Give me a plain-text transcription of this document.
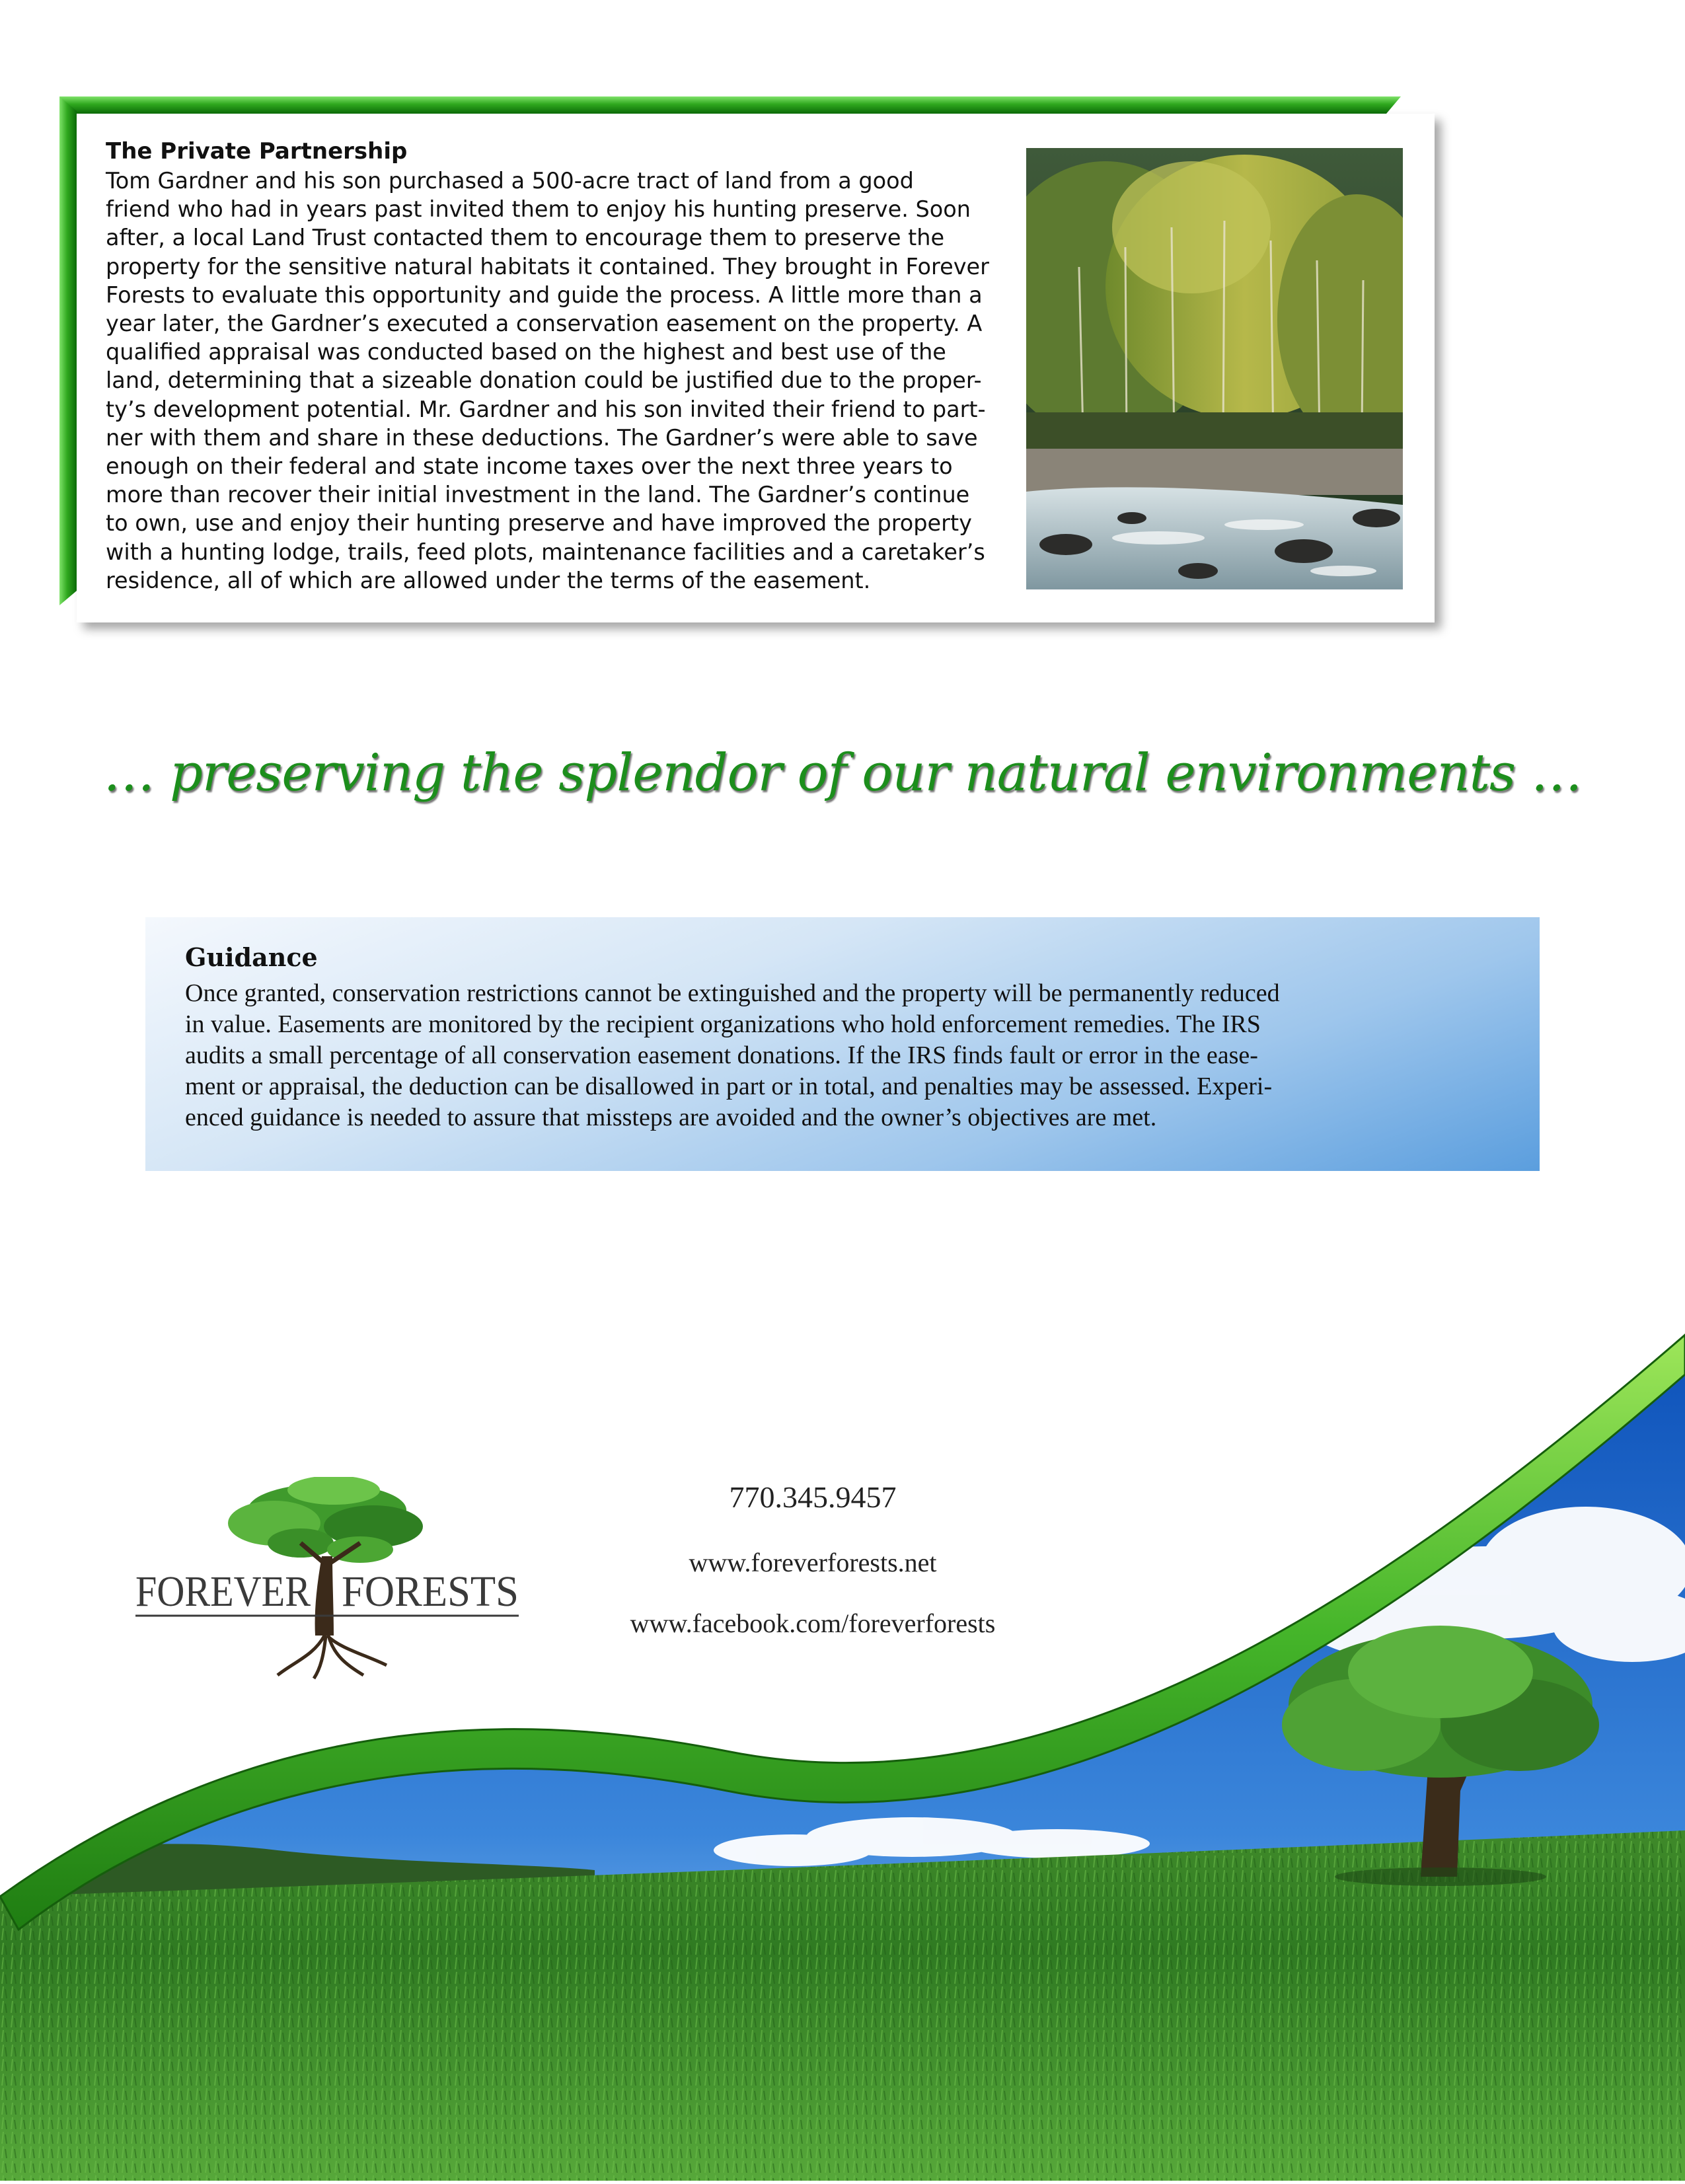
The Private Partnership
Tom Gardner and his son purchased a 500-acre tract of land from a good
friend who had in years past invited them to enjoy his hunting preserve. Soon
after, a local Land Trust contacted them to encourage them to preserve the
property for the sensitive natural habitats it contained. They brought in Forever
Forests to evaluate this opportunity and guide the process. A little more than a
year later, the Gardner’s executed a conservation easement on the property. A
qualified appraisal was conducted based on the highest and best use of the
land, determining that a sizeable donation could be justified due to the proper-
ty’s development potential. Mr. Gardner and his son invited their friend to part-
ner with them and share in these deductions. The Gardner’s were able to save
enough on their federal and state income taxes over the next three years to
more than recover their initial investment in the land. The Gardner’s continue
to own, use and enjoy their hunting preserve and have improved the property
with a hunting lodge, trails, feed plots, maintenance facilities and a caretaker’s
residence, all of which are allowed under the terms of the easement.
… preserving the splendor of our natural environments …
Guidance
Once granted, conservation restrictions cannot be extinguished and the property will be permanently reduced
in value. Easements are monitored by the recipient organizations who hold enforcement remedies. The IRS
audits a small percentage of all conservation easement donations. If the IRS finds fault or error in the ease-
ment or appraisal, the deduction can be disallowed in part or in total, and penalties may be assessed. Experi-
enced guidance is needed to assure that missteps are avoided and the owner’s objectives are met.
FOREVER FORESTS
770.345.9457
www.foreverforests.net
www.facebook.com/foreverforests
